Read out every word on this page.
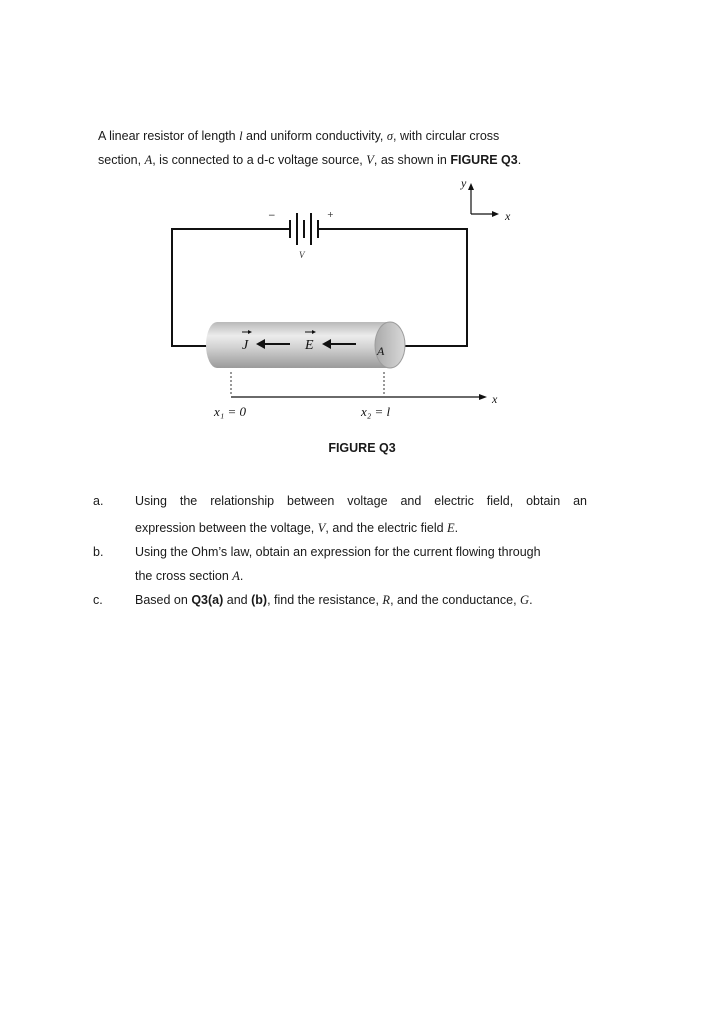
A linear resistor of length l and uniform conductivity, σ, with circular cross
section, A, is connected to a d-c voltage source, V, as shown in FIGURE Q3.
−	+
V
y
x
J	E	A
x
x₁ = 0	x₂ = l
FIGURE Q3
a.	Using the relationship between voltage and electric field, obtain an
expression between the voltage, V, and the electric field E.
b.	Using the Ohm’s law, obtain an expression for the current flowing through
the cross section A.
c.	Based on Q3(a) and (b), find the resistance, R, and the conductance, G.
